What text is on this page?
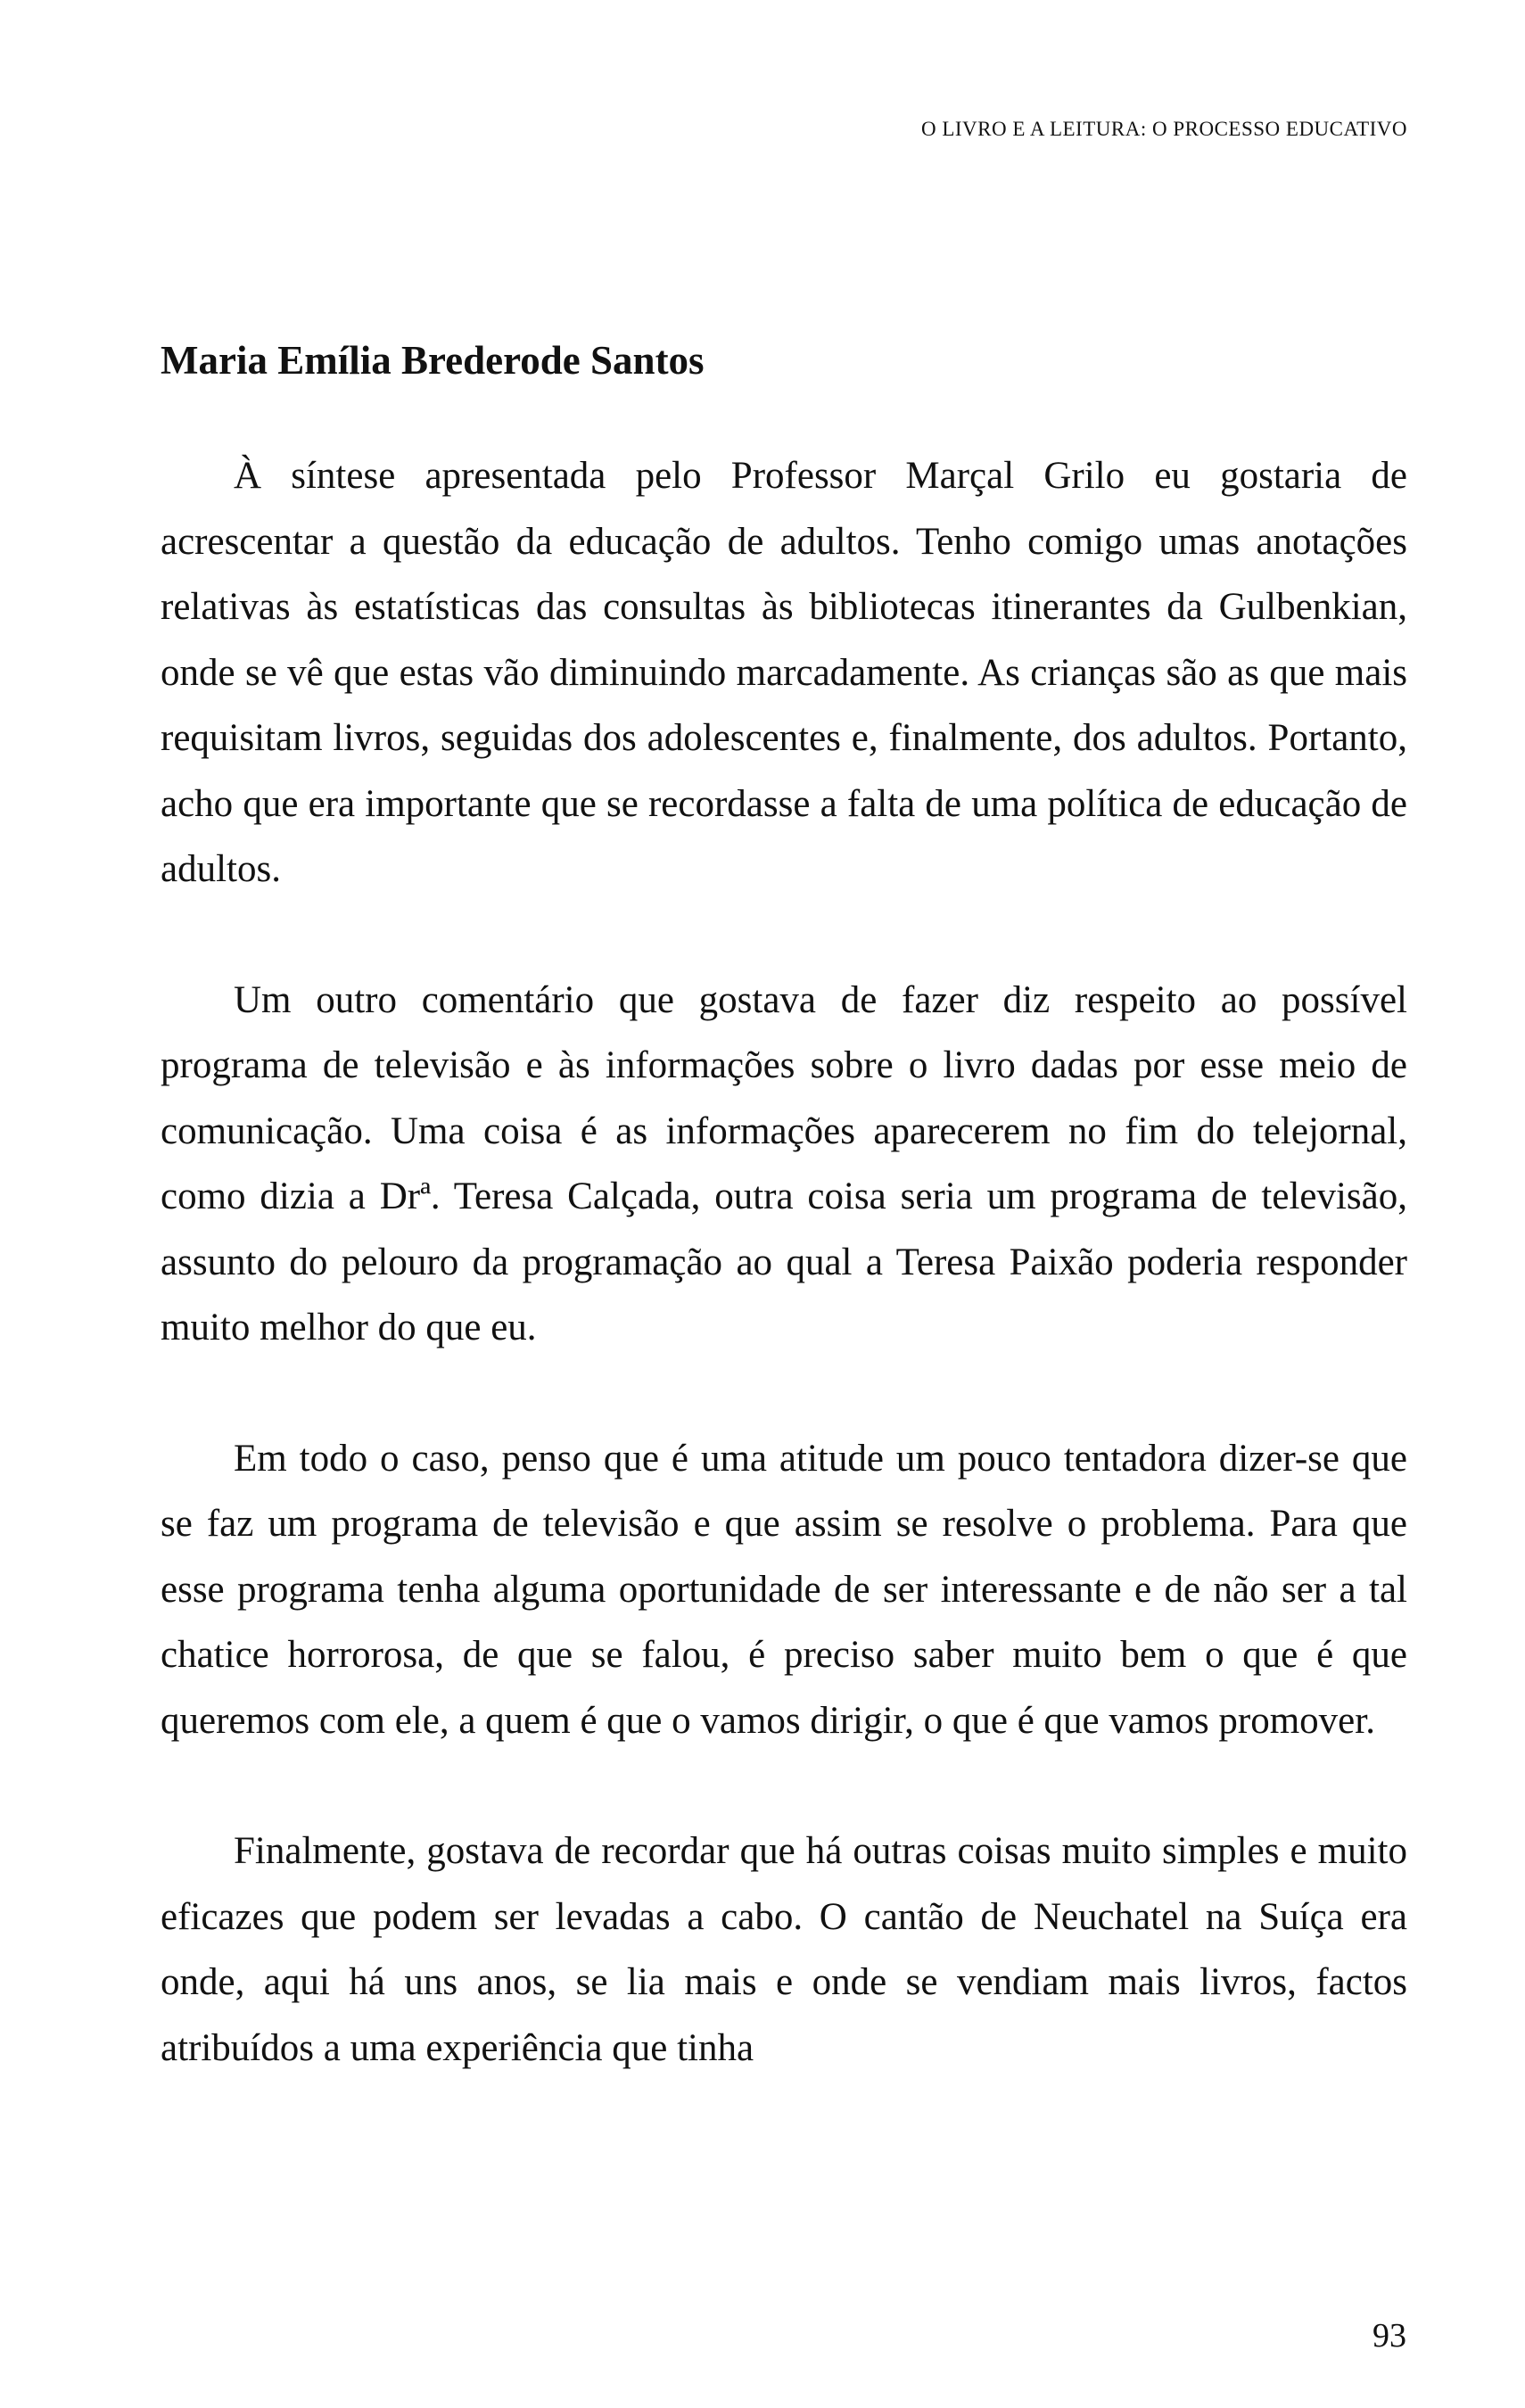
O LIVRO E A LEITURA: O PROCESSO EDUCATIVO
Maria Emília Brederode Santos

À síntese apresentada pelo Professor Marçal Grilo eu gostaria de acrescentar a questão da educação de adultos. Tenho comigo umas anotações relativas às estatísticas das consultas às bibliotecas itinerantes da Gulbenkian, onde se vê que estas vão diminuindo marcadamente. As crianças são as que mais requisitam livros, seguidas dos adolescentes e, finalmente, dos adultos. Portanto, acho que era importante que se recordasse a falta de uma política de educação de adultos.

Um outro comentário que gostava de fazer diz respeito ao possível programa de televisão e às informações sobre o livro dadas por esse meio de comunicação. Uma coisa é as informações aparecerem no fim do telejornal, como dizia a Drª. Teresa Calçada, outra coisa seria um programa de televisão, assunto do pelouro da programação ao qual a Teresa Paixão poderia responder muito melhor do que eu.

Em todo o caso, penso que é uma atitude um pouco tentadora dizer-se que se faz um programa de televisão e que assim se resolve o problema. Para que esse programa tenha alguma oportunidade de ser interessante e de não ser a tal chatice horrorosa, de que se falou, é preciso saber muito bem o que é que queremos com ele, a quem é que o vamos dirigir, o que é que vamos promover.

Finalmente, gostava de recordar que há outras coisas muito simples e muito eficazes que podem ser levadas a cabo. O cantão de Neuchatel na Suíça era onde, aqui há uns anos, se lia mais e onde se vendiam mais livros, factos atribuídos a uma experiência que tinha

93
